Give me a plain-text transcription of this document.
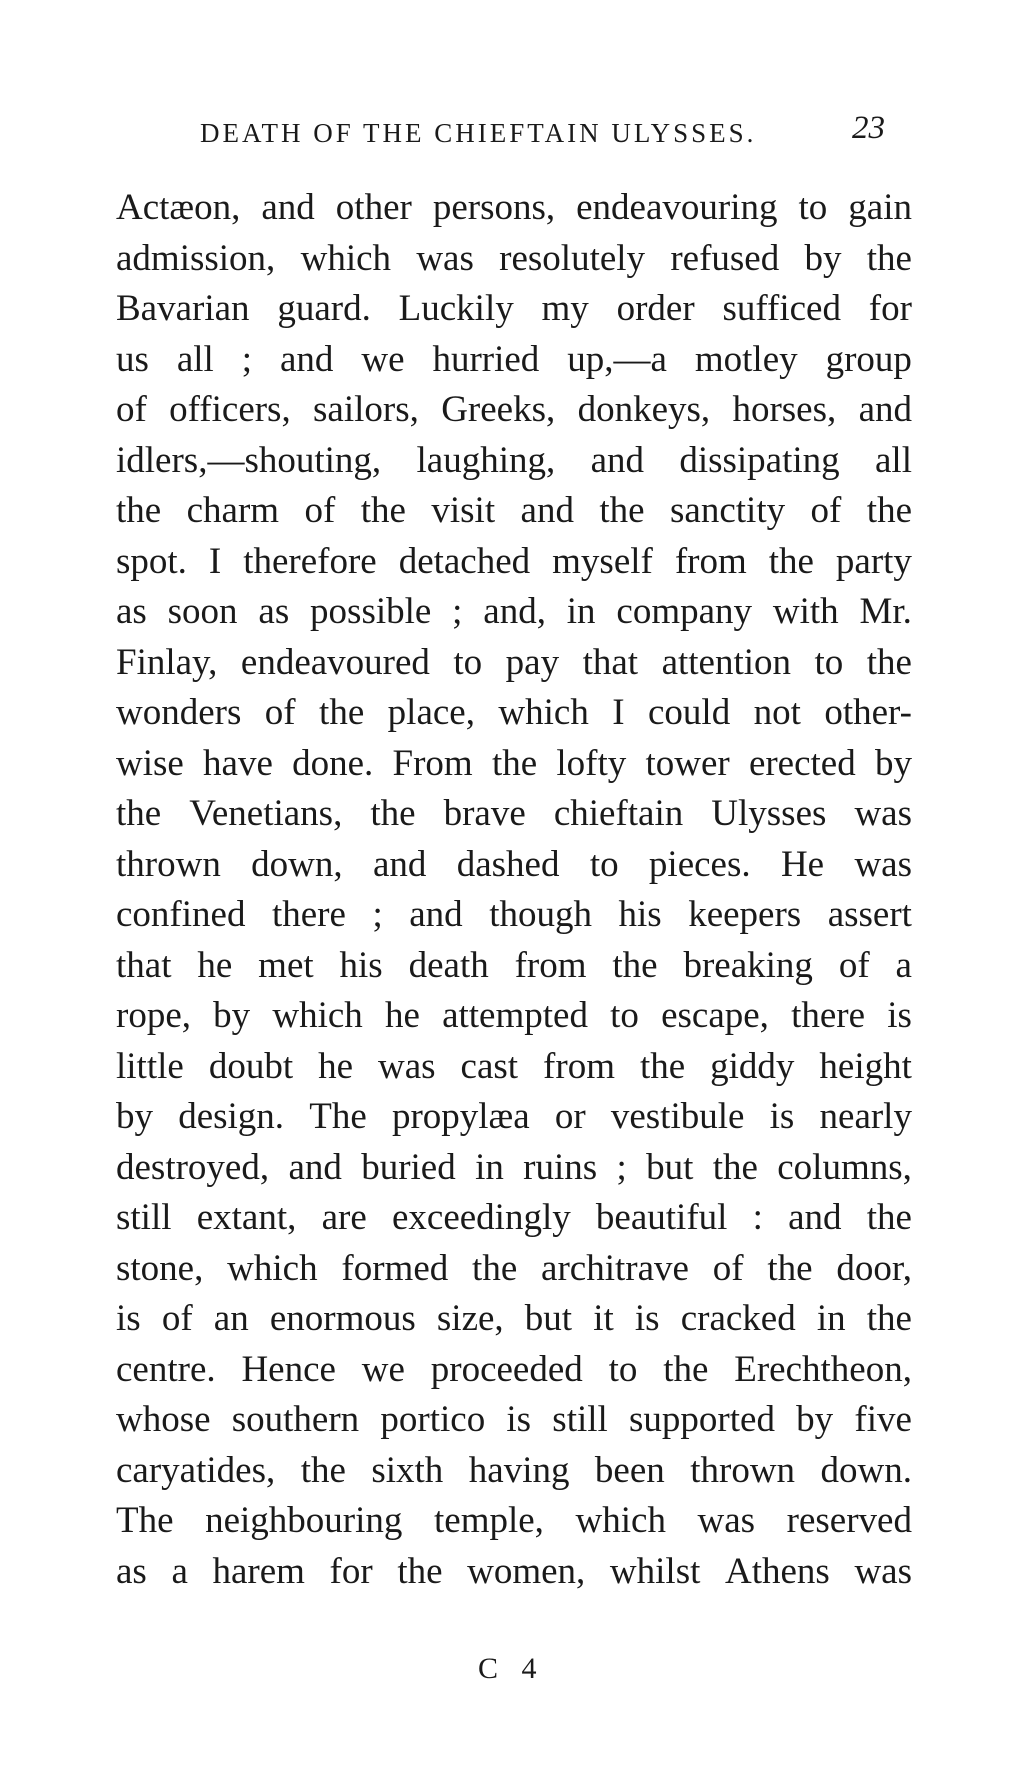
DEATH OF THE CHIEFTAIN ULYSSES.	23
Actæon, and other persons, endeavouring to gain
admission, which was resolutely refused by the
Bavarian guard. Luckily my order sufficed for
us all ; and we hurried up,—a motley group
of officers, sailors, Greeks, donkeys, horses, and
idlers,—shouting, laughing, and dissipating all
the charm of the visit and the sanctity of the
spot. I therefore detached myself from the party
as soon as possible ; and, in company with Mr.
Finlay, endeavoured to pay that attention to the
wonders of the place, which I could not other-
wise have done. From the lofty tower erected by
the Venetians, the brave chieftain Ulysses was
thrown down, and dashed to pieces. He was
confined there ; and though his keepers assert
that he met his death from the breaking of a
rope, by which he attempted to escape, there is
little doubt he was cast from the giddy height
by design. The propylæa or vestibule is nearly
destroyed, and buried in ruins ; but the columns,
still extant, are exceedingly beautiful : and the
stone, which formed the architrave of the door,
is of an enormous size, but it is cracked in the
centre. Hence we proceeded to the Erechtheon,
whose southern portico is still supported by five
caryatides, the sixth having been thrown down.
The neighbouring temple, which was reserved
as a harem for the women, whilst Athens was
C 4
